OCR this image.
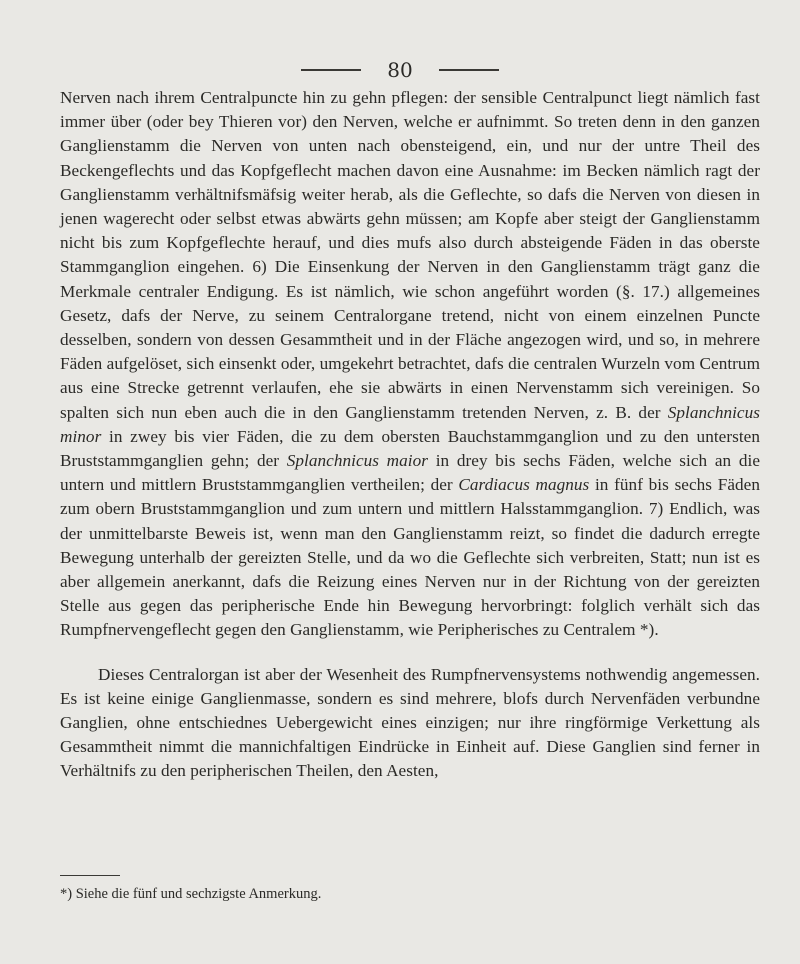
80

Nerven nach ihrem Centralpuncte hin zu gehn pflegen: der sensible Centralpunct liegt nämlich fast immer über (oder bey Thieren vor) den Nerven, welche er aufnimmt. So treten denn in den ganzen Ganglienstamm die Nerven von unten nach obensteigend, ein, und nur der untre Theil des Beckengeflechts und das Kopfgeflecht machen davon eine Ausnahme: im Becken nämlich ragt der Ganglienstamm verhältnifsmäfsig weiter herab, als die Geflechte, so dafs die Nerven von diesen in jenen wagerecht oder selbst etwas abwärts gehn müssen; am Kopfe aber steigt der Ganglienstamm nicht bis zum Kopfgeflechte herauf, und dies mufs also durch absteigende Fäden in das oberste Stammganglion eingehen. 6) Die Einsenkung der Nerven in den Ganglienstamm trägt ganz die Merkmale centraler Endigung. Es ist nämlich, wie schon angeführt worden (§. 17.) allgemeines Gesetz, dafs der Nerve, zu seinem Centralorgane tretend, nicht von einem einzelnen Puncte desselben, sondern von dessen Gesammtheit und in der Fläche angezogen wird, und so, in mehrere Fäden aufgelöset, sich einsenkt oder, umgekehrt betrachtet, dafs die centralen Wurzeln vom Centrum aus eine Strecke getrennt verlaufen, ehe sie abwärts in einen Nervenstamm sich vereinigen. So spalten sich nun eben auch die in den Ganglienstamm tretenden Nerven, z. B. der Splanchnicus minor in zwey bis vier Fäden, die zu dem obersten Bauchstammganglion und zu den untersten Bruststammganglien gehn; der Splanchnicus maior in drey bis sechs Fäden, welche sich an die untern und mittlern Bruststammganglien vertheilen; der Cardiacus magnus in fünf bis sechs Fäden zum obern Bruststammganglion und zum untern und mittlern Halsstammganglion. 7) Endlich, was der unmittelbarste Beweis ist, wenn man den Ganglienstamm reizt, so findet die dadurch erregte Bewegung unterhalb der gereizten Stelle, und da wo die Geflechte sich verbreiten, Statt; nun ist es aber allgemein anerkannt, dafs die Reizung eines Nerven nur in der Richtung von der gereizten Stelle aus gegen das peripherische Ende hin Bewegung hervorbringt: folglich verhält sich das Rumpfnervengeflecht gegen den Ganglienstamm, wie Peripherisches zu Centralem *).

Dieses Centralorgan ist aber der Wesenheit des Rumpfnervensystems nothwendig angemessen. Es ist keine einige Ganglienmasse, sondern es sind mehrere, blofs durch Nervenfäden verbundne Ganglien, ohne entschiednes Uebergewicht eines einzigen; nur ihre ringförmige Verkettung als Gesammtheit nimmt die mannichfaltigen Eindrücke in Einheit auf. Diese Ganglien sind ferner in Verhältnifs zu den peripherischen Theilen, den Aesten,

*) Siehe die fünf und sechzigste Anmerkung.
